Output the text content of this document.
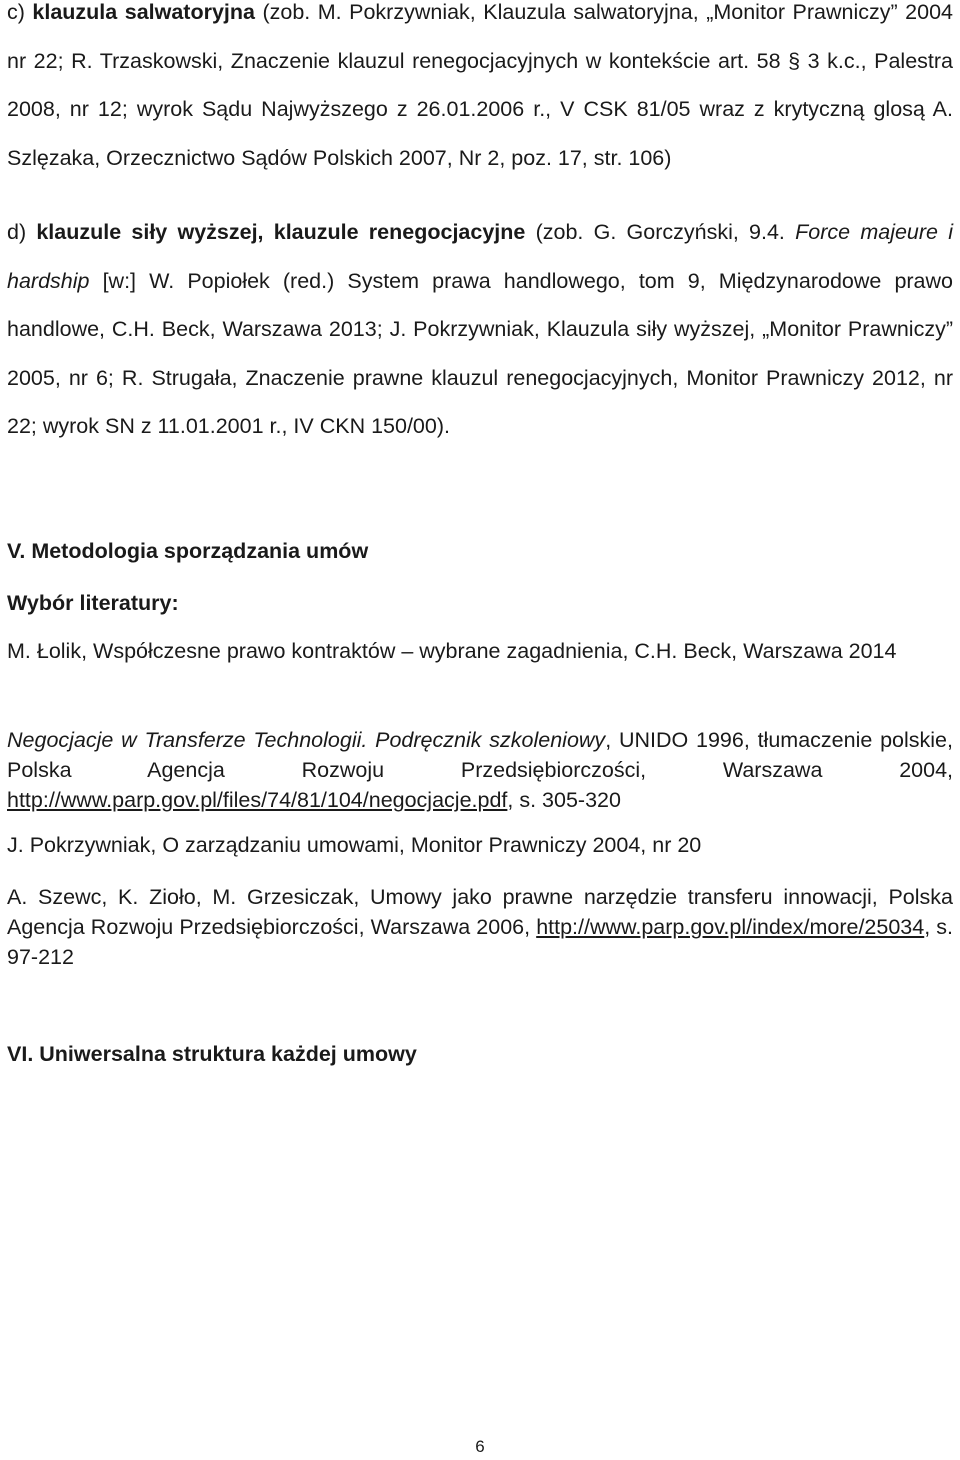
c) klauzula salwatoryjna (zob. M. Pokrzywniak, Klauzula salwatoryjna, „Monitor Prawniczy” 2004 nr 22; R. Trzaskowski, Znaczenie klauzul renegocjacyjnych w kontekście art. 58 § 3 k.c., Palestra 2008, nr 12; wyrok Sądu Najwyższego z 26.01.2006 r., V CSK 81/05 wraz z krytyczną glosą A. Szlęzaka, Orzecznictwo Sądów Polskich 2007, Nr 2, poz. 17, str. 106)
d) klauzule siły wyższej, klauzule renegocjacyjne (zob. G. Gorczyński, 9.4. Force majeure i hardship [w:] W. Popiołek (red.) System prawa handlowego, tom 9, Międzynarodowe prawo handlowe, C.H. Beck, Warszawa 2013; J. Pokrzywniak, Klauzula siły wyższej, „Monitor Prawniczy” 2005, nr 6; R. Strugała, Znaczenie prawne klauzul renegocjacyjnych, Monitor Prawniczy 2012, nr 22; wyrok SN z 11.01.2001 r., IV CKN 150/00).
V. Metodologia sporządzania umów
Wybór literatury:
M. Łolik, Współczesne prawo kontraktów – wybrane zagadnienia, C.H. Beck, Warszawa 2014
Negocjacje w Transferze Technologii. Podręcznik szkoleniowy, UNIDO 1996, tłumaczenie polskie, Polska Agencja Rozwoju Przedsiębiorczości, Warszawa 2004, http://www.parp.gov.pl/files/74/81/104/negocjacje.pdf, s. 305-320
J. Pokrzywniak, O zarządzaniu umowami, Monitor Prawniczy 2004, nr 20
A. Szewc, K. Zioło, M. Grzesiczak, Umowy jako prawne narzędzie transferu innowacji, Polska Agencja Rozwoju Przedsiębiorczości, Warszawa 2006, http://www.parp.gov.pl/index/more/25034, s. 97-212
VI. Uniwersalna struktura każdej umowy
6
